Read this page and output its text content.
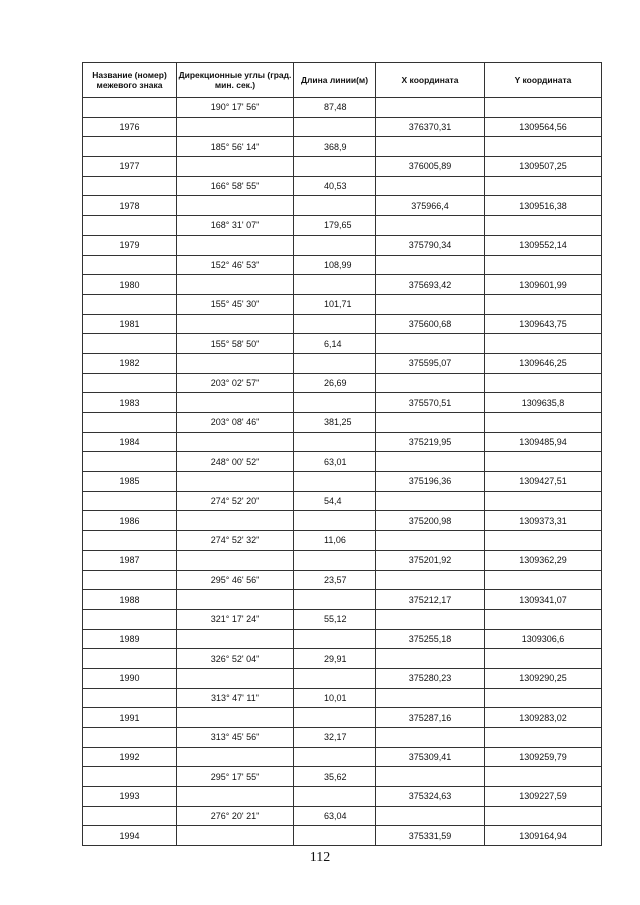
Название (номер) межевого знака	Дирекционные углы (град. мин. сек.)	Длина линии(м)	X координата	Y координата
	190° 17' 56"	87,48		
1976			376370,31	1309564,56
	185° 56' 14"	368,9		
1977			376005,89	1309507,25
	166° 58' 55"	40,53		
1978			375966,4	1309516,38
	168° 31' 07"	179,65		
1979			375790,34	1309552,14
	152° 46' 53"	108,99		
1980			375693,42	1309601,99
	155° 45' 30"	101,71		
1981			375600,68	1309643,75
	155° 58' 50"	6,14		
1982			375595,07	1309646,25
	203° 02' 57"	26,69		
1983			375570,51	1309635,8
	203° 08' 46"	381,25		
1984			375219,95	1309485,94
	248° 00' 52"	63,01		
1985			375196,36	1309427,51
	274° 52' 20"	54,4		
1986			375200,98	1309373,31
	274° 52' 32"	11,06		
1987			375201,92	1309362,29
	295° 46' 56"	23,57		
1988			375212,17	1309341,07
	321° 17' 24"	55,12		
1989			375255,18	1309306,6
	326° 52' 04"	29,91		
1990			375280,23	1309290,25
	313° 47' 11"	10,01		
1991			375287,16	1309283,02
	313° 45' 56"	32,17		
1992			375309,41	1309259,79
	295° 17' 55"	35,62		
1993			375324,63	1309227,59
	276° 20' 21"	63,04		
1994			375331,59	1309164,94
112
